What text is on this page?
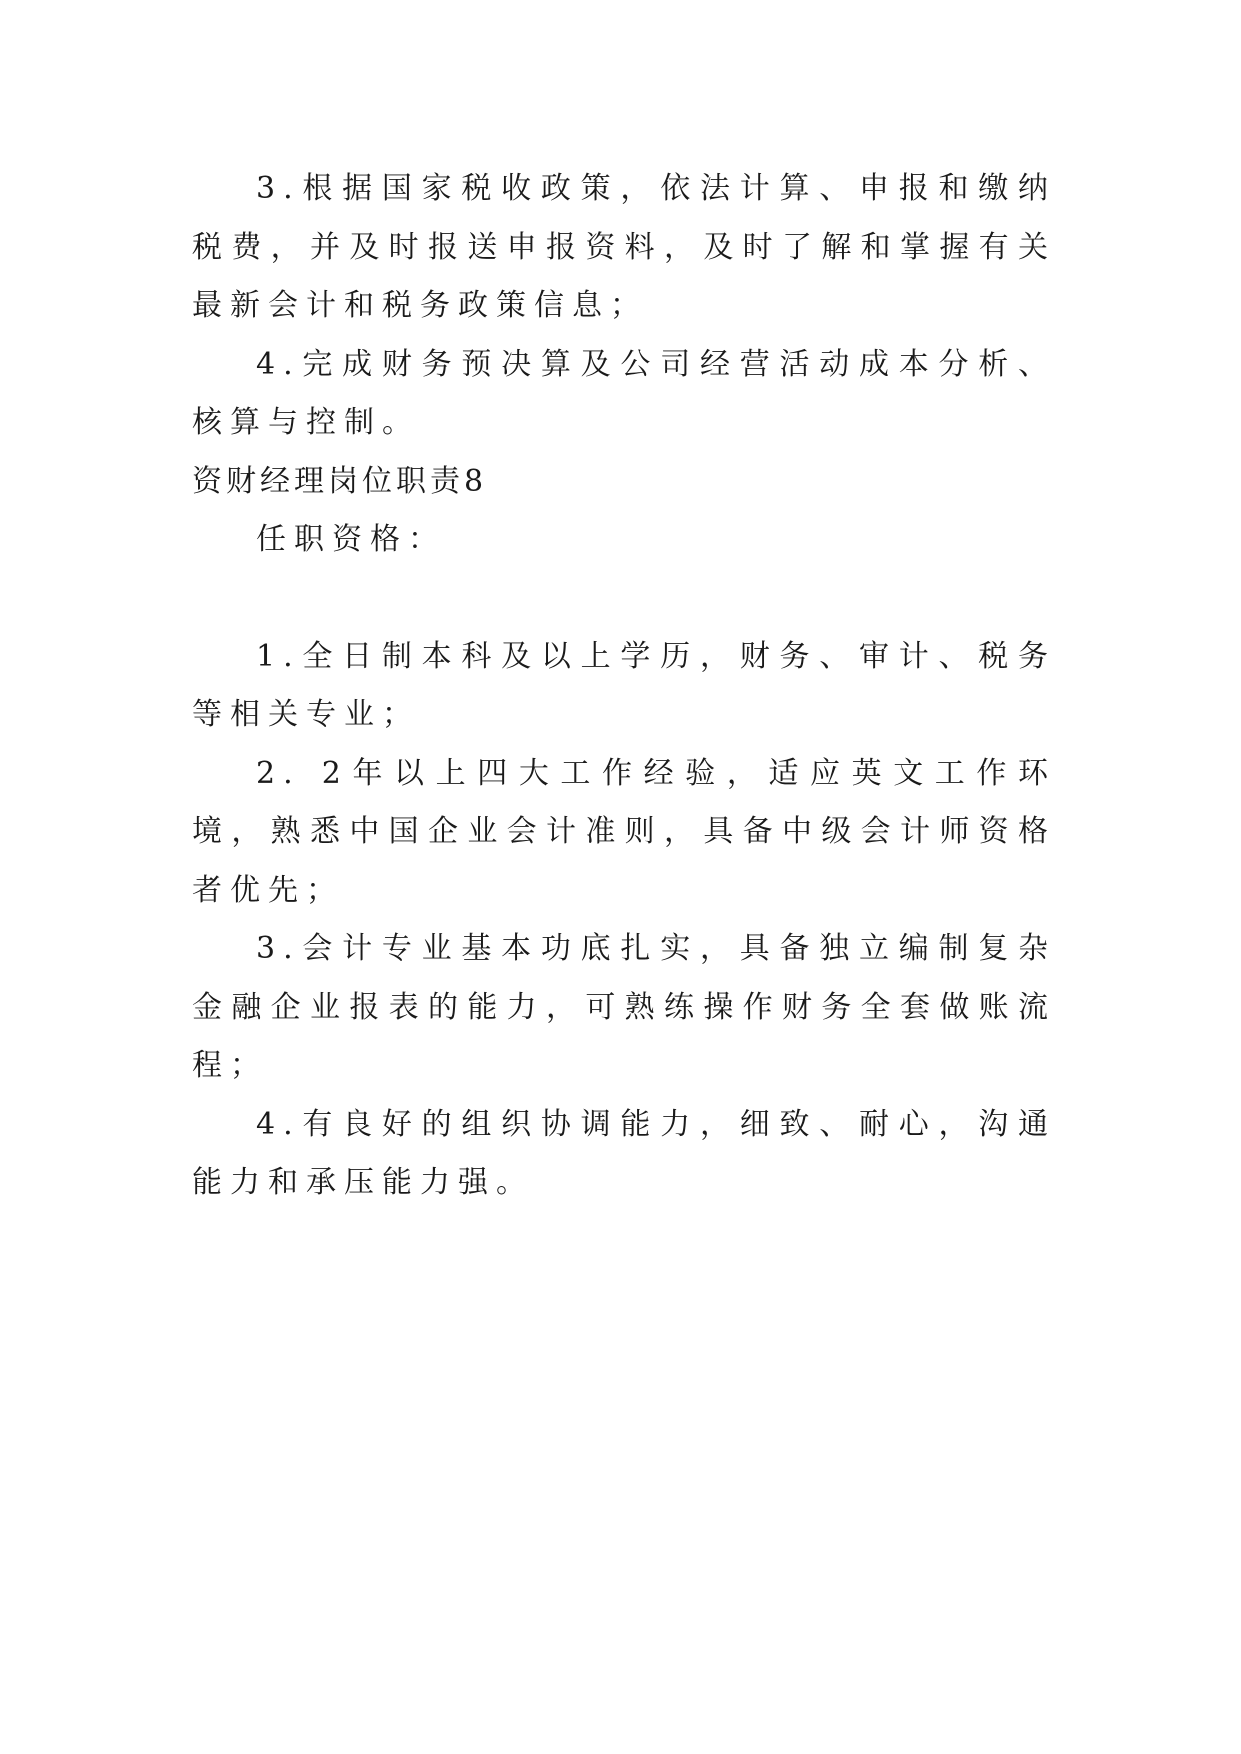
3.根据国家税收政策，依法计算、申报和缴纳税费，并及时报送申报资料，及时了解和掌握有关最新会计和税务政策信息；

4.完成财务预决算及公司经营活动成本分析、核算与控制。

资财经理岗位职责8

任职资格：

1.全日制本科及以上学历，财务、审计、税务等相关专业；

2. 2年以上四大工作经验，适应英文工作环境，熟悉中国企业会计准则，具备中级会计师资格者优先；

3.会计专业基本功底扎实，具备独立编制复杂金融企业报表的能力，可熟练操作财务全套做账流程；

4.有良好的组织协调能力，细致、耐心，沟通能力和承压能力强。
